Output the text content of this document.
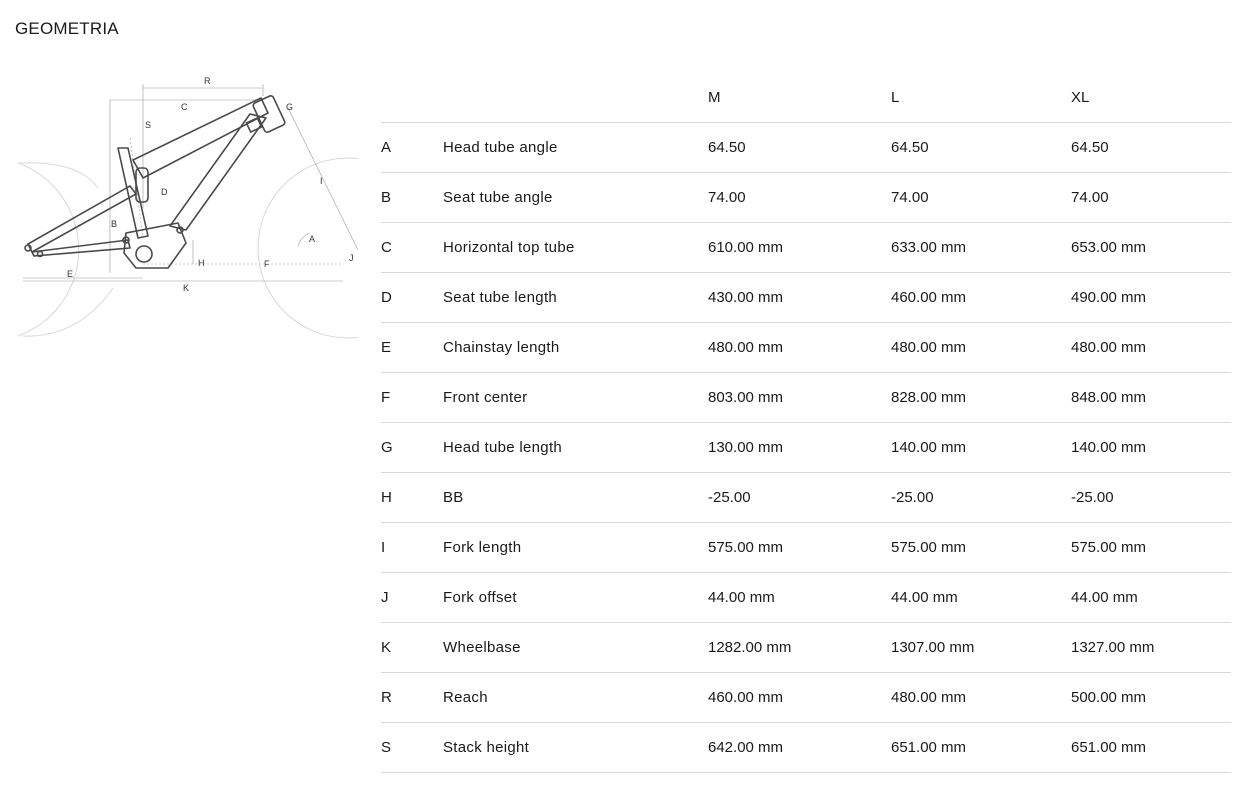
GEOMETRIA
R
C
S
G
I
D
B
A
J
H	F
E
K
		M	L	XL
A	Head tube angle	64.50	64.50	64.50
B	Seat tube angle	74.00	74.00	74.00
C	Horizontal top tube	610.00 mm	633.00 mm	653.00 mm
D	Seat tube length	430.00 mm	460.00 mm	490.00 mm
E	Chainstay length	480.00 mm	480.00 mm	480.00 mm
F	Front center	803.00 mm	828.00 mm	848.00 mm
G	Head tube length	130.00 mm	140.00 mm	140.00 mm
H	BB	-25.00	-25.00	-25.00
I	Fork length	575.00 mm	575.00 mm	575.00 mm
J	Fork offset	44.00 mm	44.00 mm	44.00 mm
K	Wheelbase	1282.00 mm	1307.00 mm	1327.00 mm
R	Reach	460.00 mm	480.00 mm	500.00 mm
S	Stack height	642.00 mm	651.00 mm	651.00 mm
